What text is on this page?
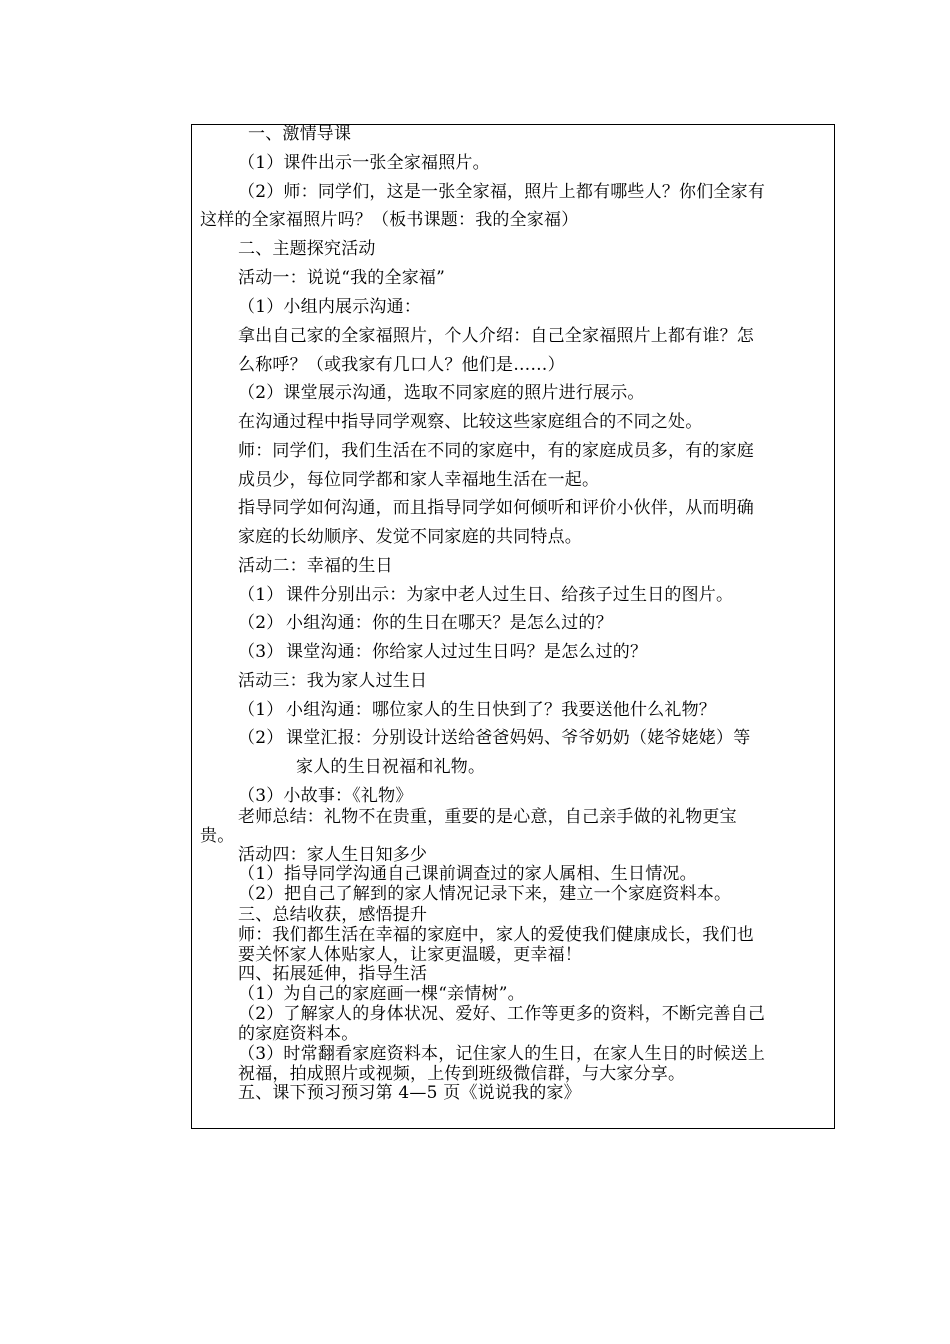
一、激情导课
（1）课件出示一张全家福照片。
（2）师：同学们，这是一张全家福，照片上都有哪些人？你们全家有
这样的全家福照片吗？（板书课题：我的全家福）
二、主题探究活动
活动一：说说“我的全家福”
（1）小组内展示沟通：
拿出自己家的全家福照片，个人介绍：自己全家福照片上都有谁？怎
么称呼？（或我家有几口人？他们是……）
（2）课堂展示沟通，选取不同家庭的照片进行展示。
在沟通过程中指导同学观察、比较这些家庭组合的不同之处。
师：同学们，我们生活在不同的家庭中，有的家庭成员多，有的家庭
成员少，每位同学都和家人幸福地生活在一起。
指导同学如何沟通，而且指导同学如何倾听和评价小伙伴，从而明确
家庭的长幼顺序、发觉不同家庭的共同特点。
活动二：幸福的生日
（1） 课件分别出示：为家中老人过生日、给孩子过生日的图片。
（2） 小组沟通：你的生日在哪天？是怎么过的？
（3） 课堂沟通：你给家人过过生日吗？是怎么过的？
活动三：我为家人过生日
（1） 小组沟通：哪位家人的生日快到了？我要送他什么礼物？
（2） 课堂汇报：分别设计送给爸爸妈妈、爷爷奶奶（姥爷姥姥）等
家人的生日祝福和礼物。
（3）小故事：《礼物》
老师总结：礼物不在贵重，重要的是心意，自己亲手做的礼物更宝
贵。
活动四：家人生日知多少
（1）指导同学沟通自己课前调查过的家人属相、生日情况。
（2）把自己了解到的家人情况记录下来，建立一个家庭资料本。
三、总结收获，感悟提升
师：我们都生活在幸福的家庭中，家人的爱使我们健康成长，我们也
要关怀家人体贴家人，让家更温暖，更幸福！
四、拓展延伸，指导生活
（1）为自己的家庭画一棵“亲情树”。
（2）了解家人的身体状况、爱好、工作等更多的资料，不断完善自己
的家庭资料本。
（3）时常翻看家庭资料本，记住家人的生日，在家人生日的时候送上
祝福，拍成照片或视频，上传到班级微信群，与大家分享。
五、课下预习预习第 4—5 页《说说我的家》
